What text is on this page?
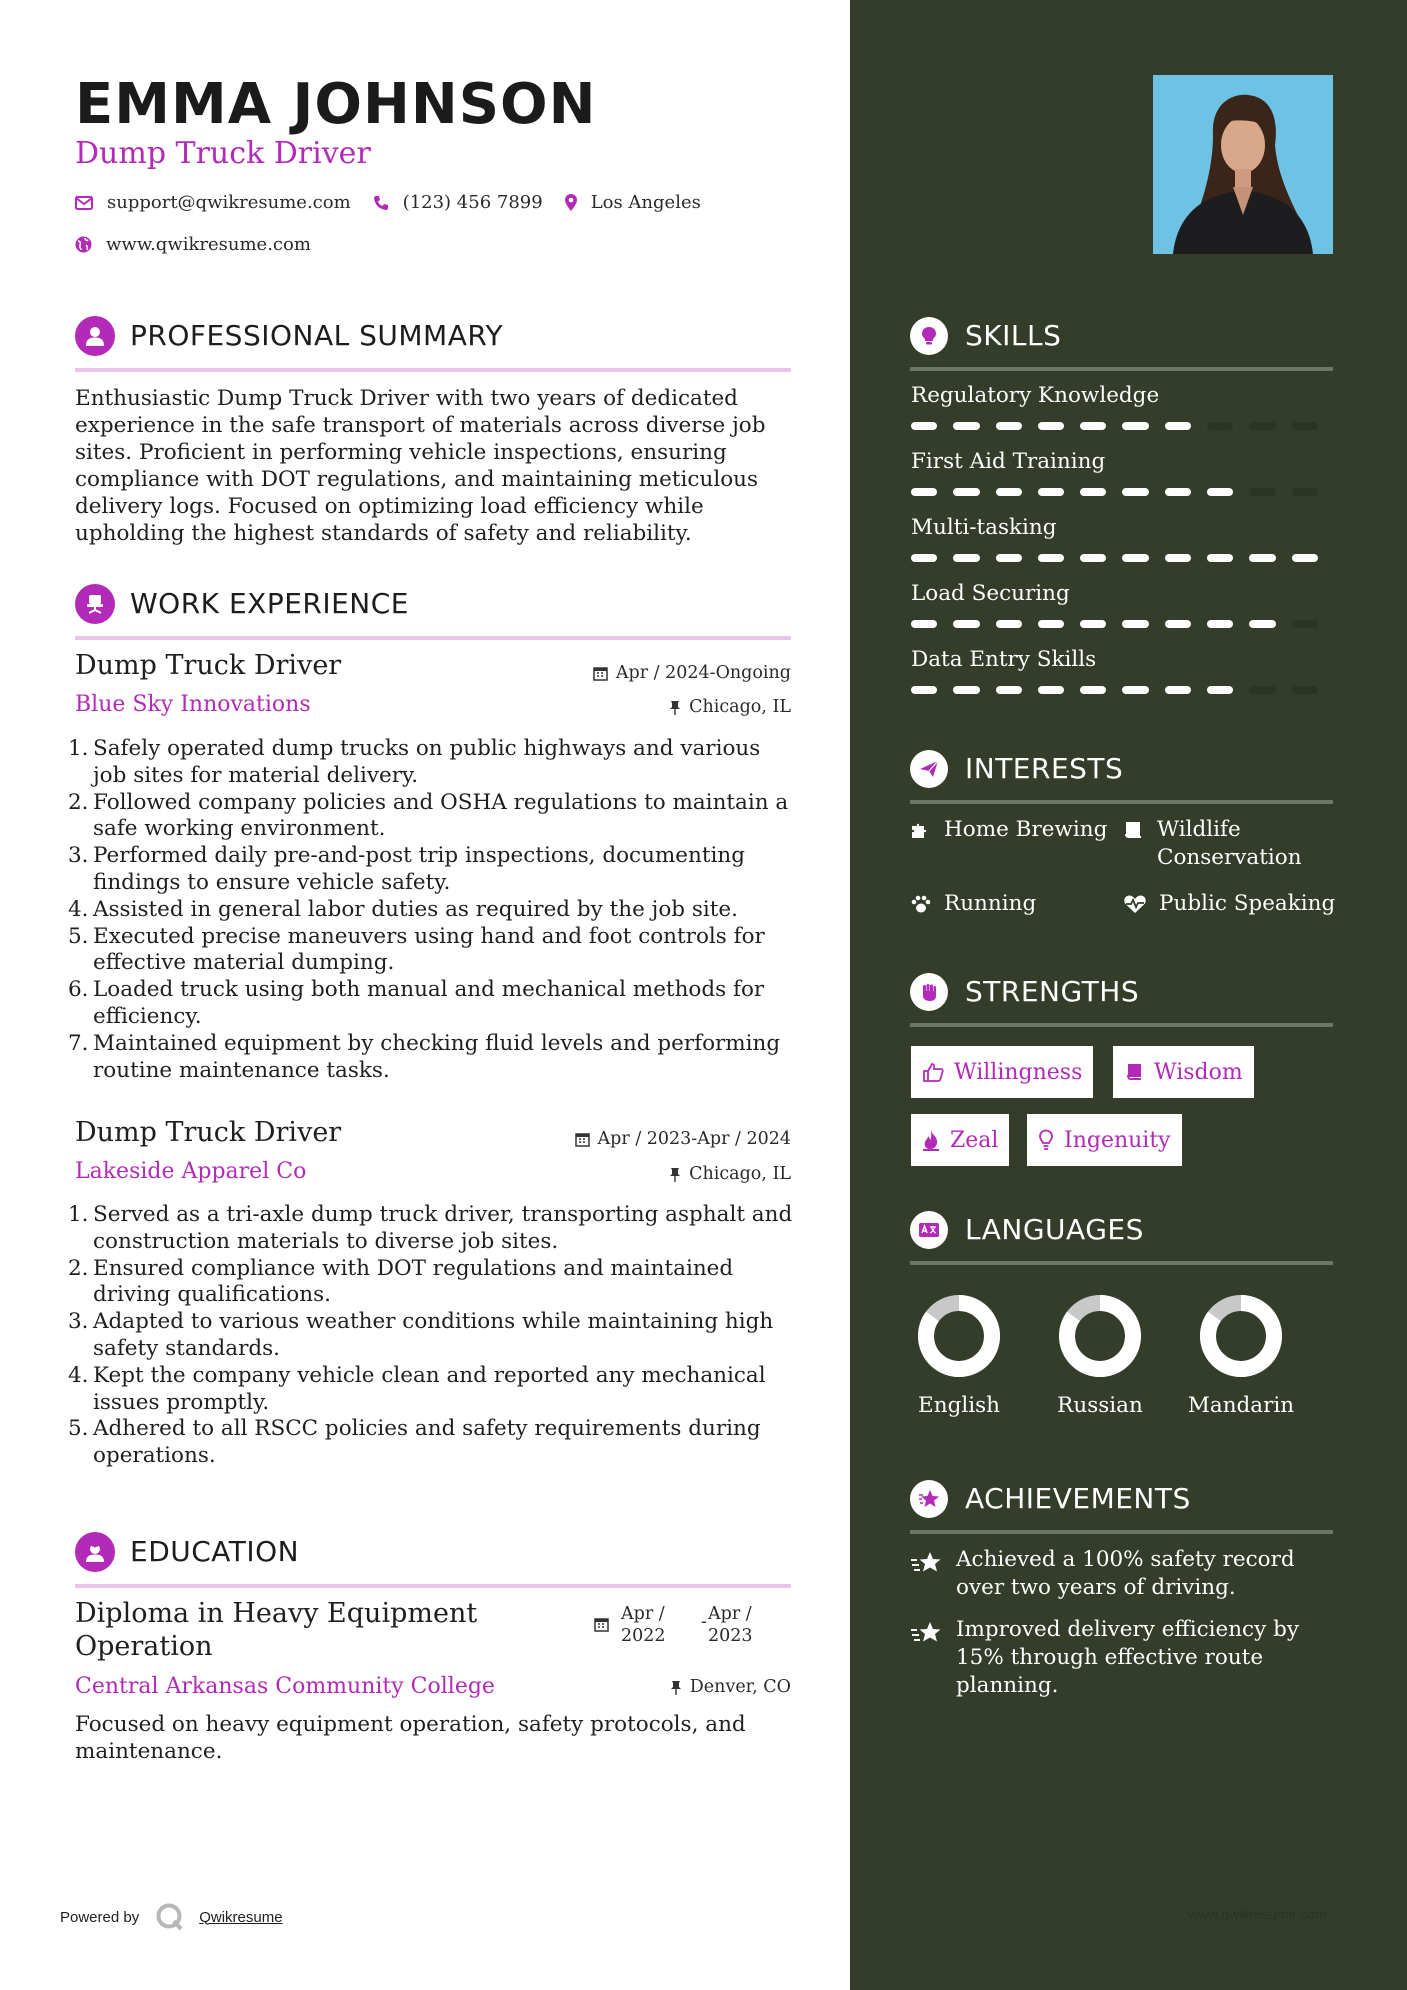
EMMA JOHNSON
Dump Truck Driver
support@qwikresume.com	(123) 456 7899	Los Angeles
www.qwikresume.com
PROFESSIONAL SUMMARY
Enthusiastic Dump Truck Driver with two years of dedicated experience in the safe transport of materials across diverse job sites. Proficient in performing vehicle inspections, ensuring compliance with DOT regulations, and maintaining meticulous delivery logs. Focused on optimizing load efficiency while upholding the highest standards of safety and reliability.
WORK EXPERIENCE
Dump Truck Driver	Apr / 2024-Ongoing
Blue Sky Innovations	Chicago, IL
1. Safely operated dump trucks on public highways and various job sites for material delivery.
2. Followed company policies and OSHA regulations to maintain a safe working environment.
3. Performed daily pre-and-post trip inspections, documenting findings to ensure vehicle safety.
4. Assisted in general labor duties as required by the job site.
5. Executed precise maneuvers using hand and foot controls for effective material dumping.
6. Loaded truck using both manual and mechanical methods for efficiency.
7. Maintained equipment by checking fluid levels and performing routine maintenance tasks.
Dump Truck Driver	Apr / 2023-Apr / 2024
Lakeside Apparel Co	Chicago, IL
1. Served as a tri-axle dump truck driver, transporting asphalt and construction materials to diverse job sites.
2. Ensured compliance with DOT regulations and maintained driving qualifications.
3. Adapted to various weather conditions while maintaining high safety standards.
4. Kept the company vehicle clean and reported any mechanical issues promptly.
5. Adhered to all RSCC policies and safety requirements during operations.
EDUCATION
Diploma in Heavy Equipment Operation
Apr / 2022
- Apr / 2023
Central Arkansas Community College	Denver, CO
Focused on heavy equipment operation, safety protocols, and maintenance.
Powered by	Qwikresume
SKILLS
Regulatory Knowledge
First Aid Training
Multi-tasking
Load Securing
Data Entry Skills
INTERESTS
Home Brewing Wildlife Conservation
Running	Public Speaking
STRENGTHS
Willingness	Wisdom
Zeal	Ingenuity
LANGUAGES
English	Russian	Mandarin
ACHIEVEMENTS
Achieved a 100% safety record over two years of driving.
Improved delivery efficiency by 15% through effective route planning.
www.qwikresume.com
